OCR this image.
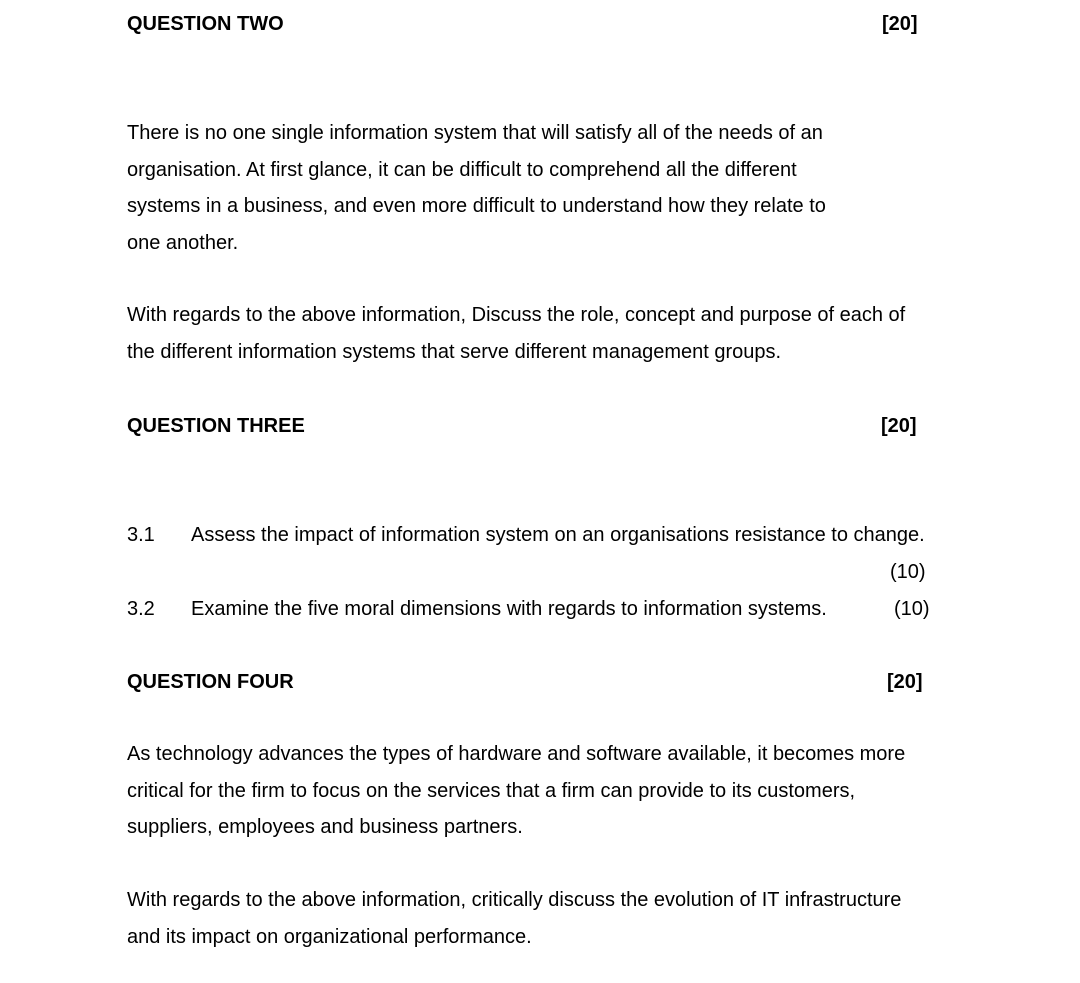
QUESTION TWO	[20]
There is no one single information system that will satisfy all of the needs of an
organisation. At first glance, it can be difficult to comprehend all the different
systems in a business, and even more difficult to understand how they relate to
one another.
With regards to the above information, Discuss the role, concept and purpose of each of
the different information systems that serve different management groups.
QUESTION THREE	[20]
3.1 Assess the impact of information system on an organisations resistance to change.
(10)
3.2 Examine the five moral dimensions with regards to information systems.	(10)
QUESTION FOUR	[20]
As technology advances the types of hardware and software available, it becomes more
critical for the firm to focus on the services that a firm can provide to its customers,
suppliers, employees and business partners.
With regards to the above information, critically discuss the evolution of IT infrastructure
and its impact on organizational performance.
